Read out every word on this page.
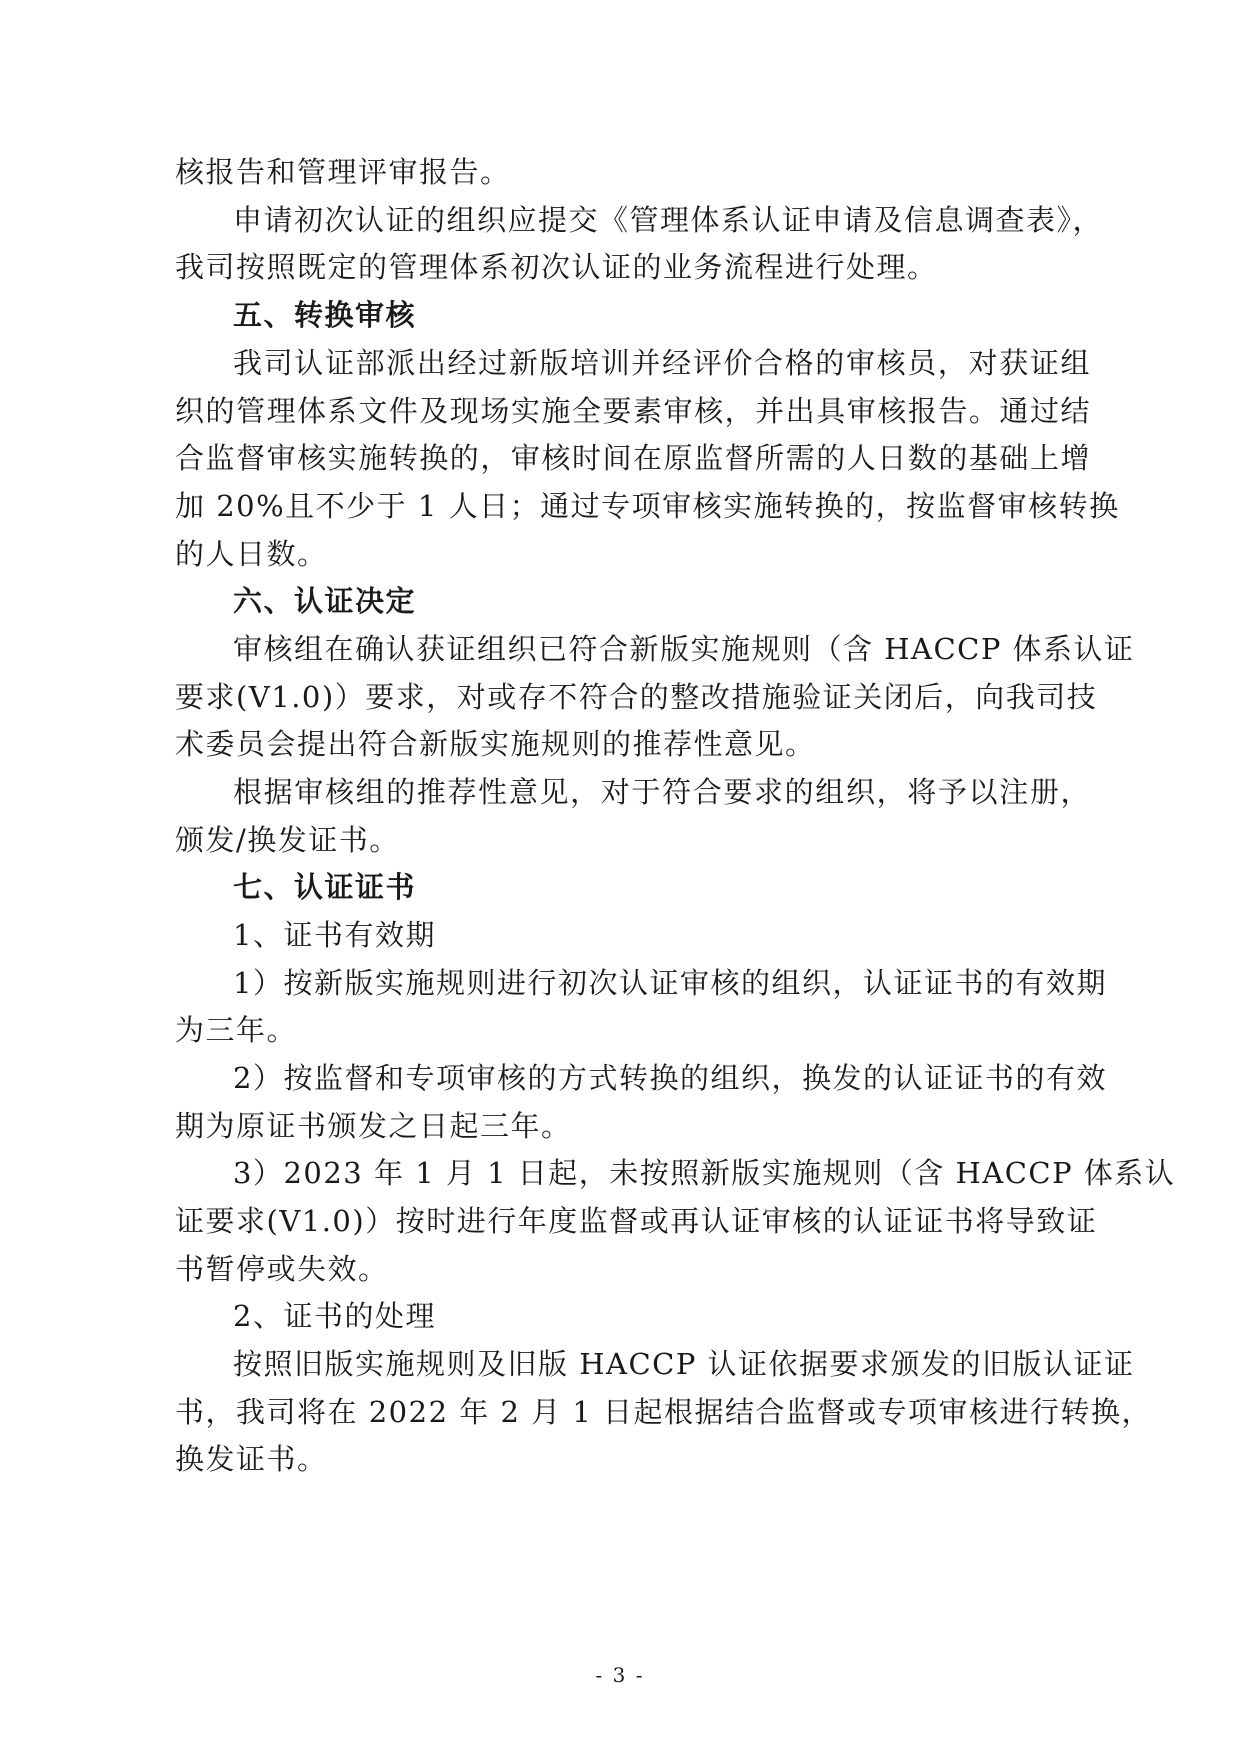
核报告和管理评审报告。
申请初次认证的组织应提交《管理体系认证申请及信息调查表》，
我司按照既定的管理体系初次认证的业务流程进行处理。
五、转换审核
我司认证部派出经过新版培训并经评价合格的审核员，对获证组
织的管理体系文件及现场实施全要素审核，并出具审核报告。通过结
合监督审核实施转换的，审核时间在原监督所需的人日数的基础上增
加 20%且不少于 1 人日；通过专项审核实施转换的，按监督审核转换
的人日数。
六、认证决定
审核组在确认获证组织已符合新版实施规则（含 HACCP 体系认证
要求(V1.0)）要求，对或存不符合的整改措施验证关闭后，向我司技
术委员会提出符合新版实施规则的推荐性意见。
根据审核组的推荐性意见，对于符合要求的组织，将予以注册，
颁发/换发证书。
七、认证证书
1、证书有效期
1）按新版实施规则进行初次认证审核的组织，认证证书的有效期
为三年。
2）按监督和专项审核的方式转换的组织，换发的认证证书的有效
期为原证书颁发之日起三年。
3）2023 年 1 月 1 日起，未按照新版实施规则（含 HACCP 体系认
证要求(V1.0)）按时进行年度监督或再认证审核的认证证书将导致证
书暂停或失效。
2、证书的处理
按照旧版实施规则及旧版 HACCP 认证依据要求颁发的旧版认证证
书，我司将在 2022 年 2 月 1 日起根据结合监督或专项审核进行转换，
换发证书。
- 3 -
